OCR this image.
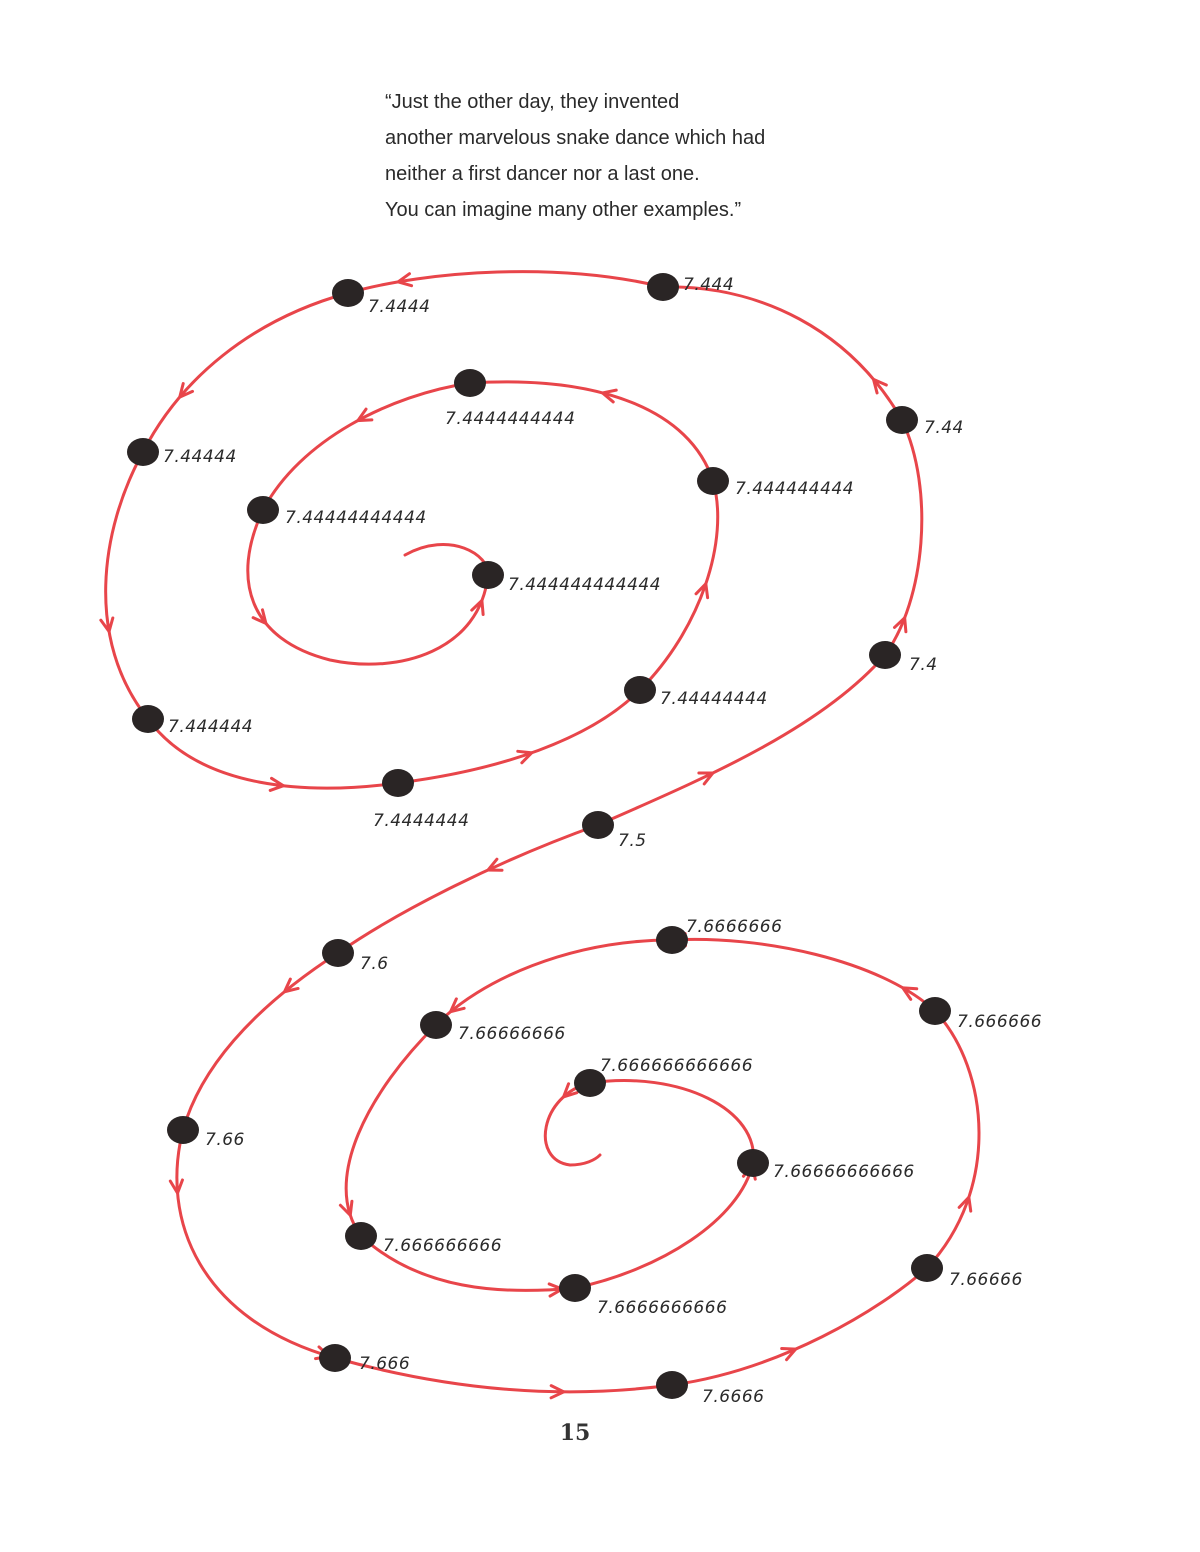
“Just the other day, they invented
another marvelous snake dance which had
neither a first dancer nor a last one.
You can imagine many other examples.”
7.4
7.44
7.444
7.4444
7.44444
7.444444
7.4444444
7.44444444
7.444444444
7.4444444444
7.44444444444
7.444444444444
7.5
7.6
7.66
7.666
7.6666
7.66666
7.666666
7.6666666
7.66666666
7.666666666
7.6666666666
7.66666666666
7.666666666666
15
